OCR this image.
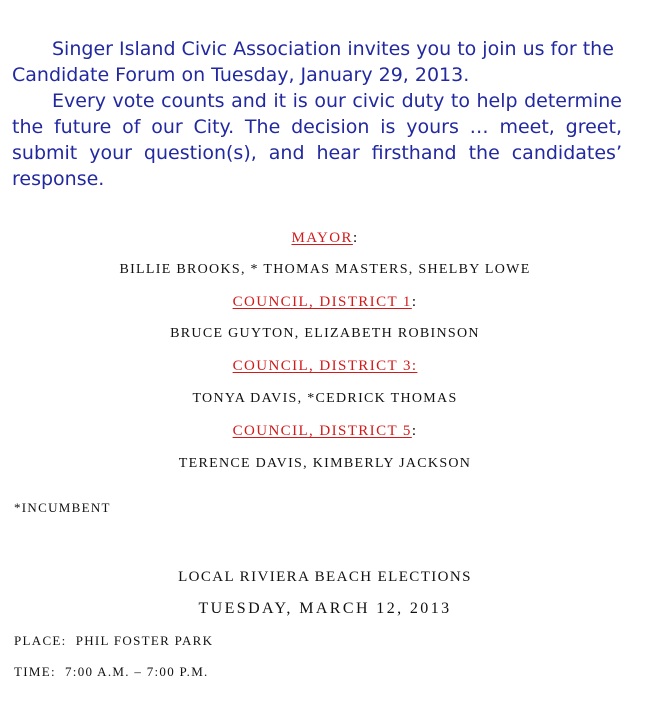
Singer Island Civic Association invites you to join us for the Candidate Forum on Tuesday, January 29, 2013.

Every vote counts and it is our civic duty to help determine the future of our City. The decision is yours … meet, greet, submit your question(s), and hear firsthand the candidates’ response.

MAYOR:
BILLIE BROOKS, * THOMAS MASTERS, SHELBY LOWE
COUNCIL, DISTRICT 1:
BRUCE GUYTON, ELIZABETH ROBINSON
COUNCIL, DISTRICT 3:
TONYA DAVIS, *CEDRICK THOMAS
COUNCIL, DISTRICT 5:
TERENCE DAVIS, KIMBERLY JACKSON
*INCUMBENT
LOCAL RIVIERA BEACH ELECTIONS
TUESDAY, MARCH 12, 2013
PLACE: PHIL FOSTER PARK
TIME: 7:00 A.M. – 7:00 P.M.
